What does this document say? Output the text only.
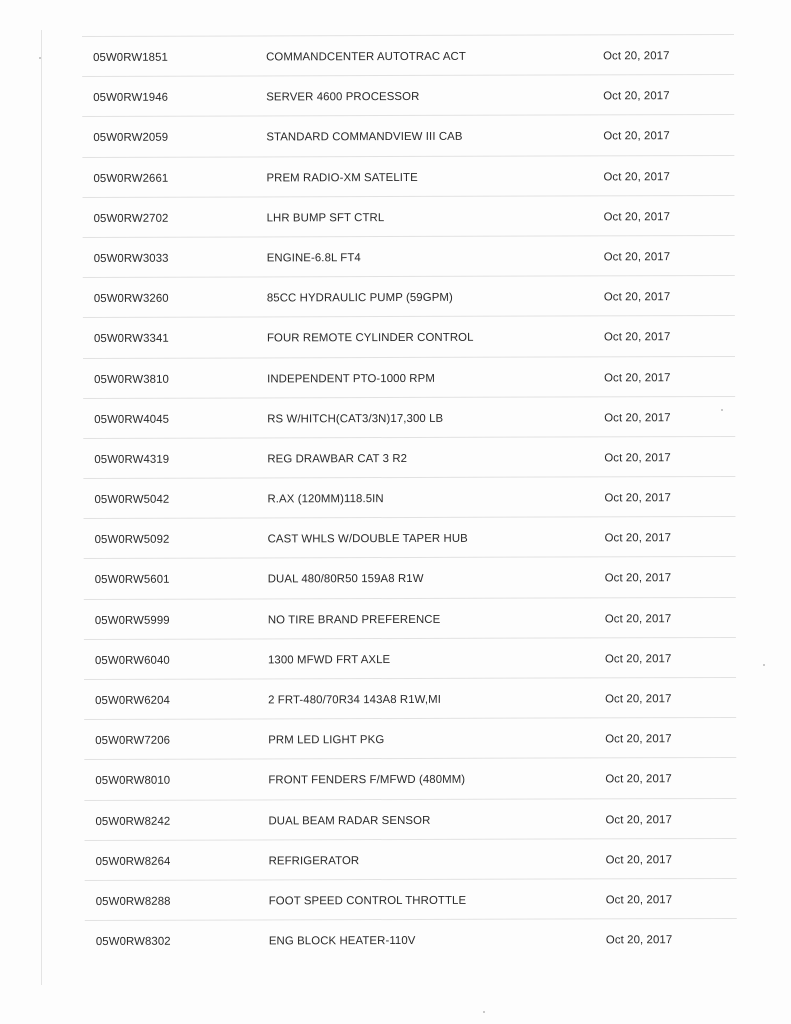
05W0RW1851	COMMANDCENTER AUTOTRAC ACT	Oct 20, 2017
05W0RW1946	SERVER 4600 PROCESSOR	Oct 20, 2017
05W0RW2059	STANDARD COMMANDVIEW III CAB	Oct 20, 2017
05W0RW2661	PREM RADIO-XM SATELITE	Oct 20, 2017
05W0RW2702	LHR BUMP SFT CTRL	Oct 20, 2017
05W0RW3033	ENGINE-6.8L FT4	Oct 20, 2017
05W0RW3260	85CC HYDRAULIC PUMP (59GPM)	Oct 20, 2017
05W0RW3341	FOUR REMOTE CYLINDER CONTROL	Oct 20, 2017
05W0RW3810	INDEPENDENT PTO-1000 RPM	Oct 20, 2017
05W0RW4045	RS W/HITCH(CAT3/3N)17,300 LB	Oct 20, 2017
05W0RW4319	REG DRAWBAR CAT 3 R2	Oct 20, 2017
05W0RW5042	R.AX (120MM)118.5IN	Oct 20, 2017
05W0RW5092	CAST WHLS W/DOUBLE TAPER HUB	Oct 20, 2017
05W0RW5601	DUAL 480/80R50 159A8 R1W	Oct 20, 2017
05W0RW5999	NO TIRE BRAND PREFERENCE	Oct 20, 2017
05W0RW6040	1300 MFWD FRT AXLE	Oct 20, 2017
05W0RW6204	2 FRT-480/70R34 143A8 R1W,MI	Oct 20, 2017
05W0RW7206	PRM LED LIGHT PKG	Oct 20, 2017
05W0RW8010	FRONT FENDERS F/MFWD (480MM)	Oct 20, 2017
05W0RW8242	DUAL BEAM RADAR SENSOR	Oct 20, 2017
05W0RW8264	REFRIGERATOR	Oct 20, 2017
05W0RW8288	FOOT SPEED CONTROL THROTTLE	Oct 20, 2017
05W0RW8302	ENG BLOCK HEATER-110V	Oct 20, 2017
